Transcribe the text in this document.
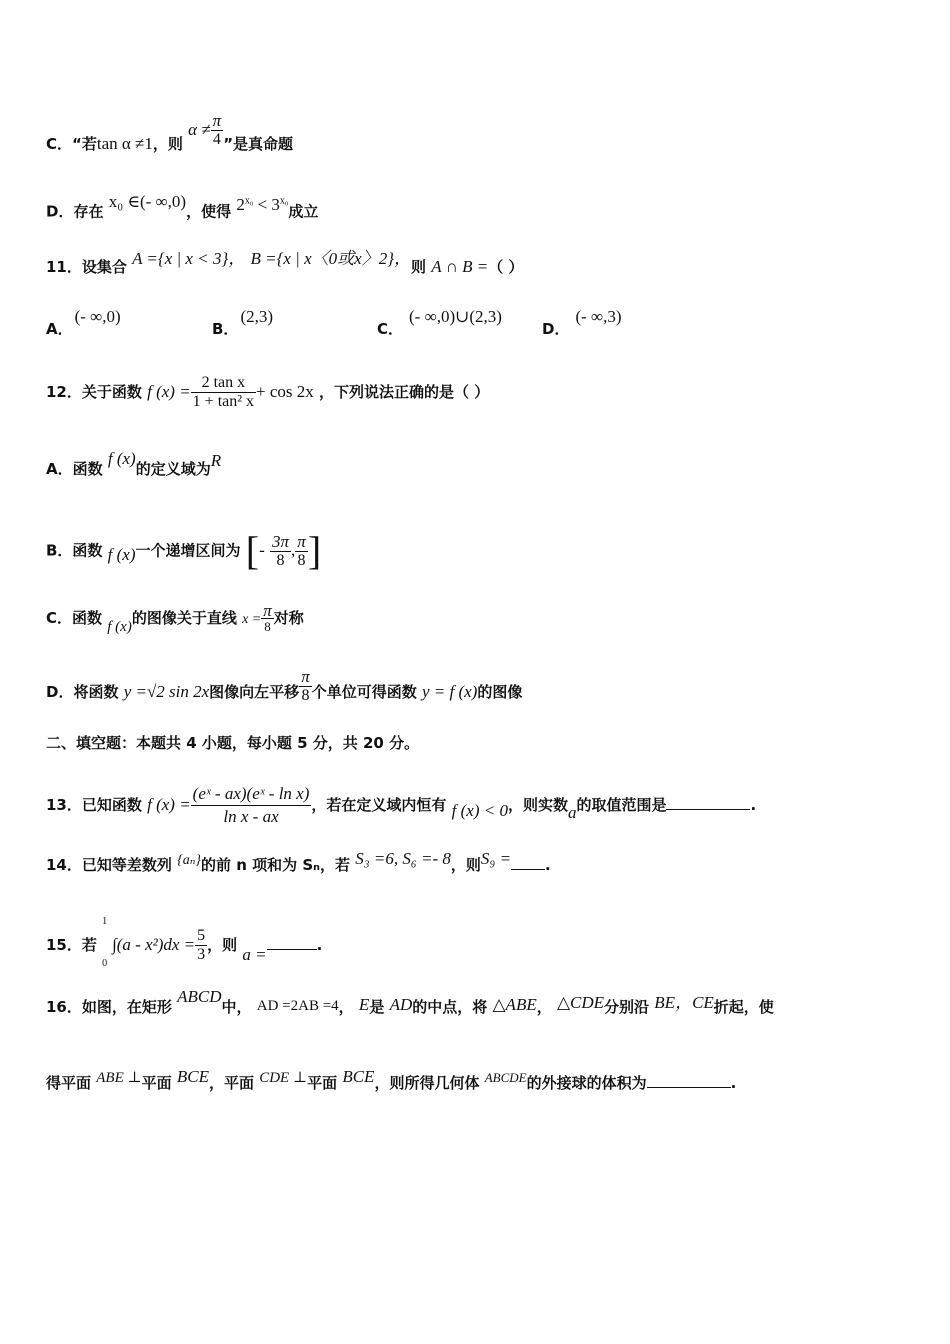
C．“若tan α ≠1，则 $\alpha \ne \frac{\pi}{4}$ ”是真命题
D．存在 x₀ ∈(- ∞,0)，使得 $2^{x_0} < 3^{x_0}$成立
11．设集合 A ={x | x < 3}， B ={x | x〈0或x〉2}，则 A ∩ B =（ ）
A．(- ∞,0)
B．(2,3)
C．(- ∞,0)∪(2,3)
D．(- ∞,3)
12．关于函数 f $(x) = \frac{\text{2 tan x}}{\text{1 + tan² x}} + \cos 2x$ ，下列说法正确的是（ ）
A．函数 f (x)的定义域为R
B．函数 f (x)一个递增区间为 [- $\frac{3\pi}{8}$ , $\frac{\pi}{8}$ ]
C．函数 f (x)的图像关于直线 $x = \frac{\pi}{8}$ 对称
D．将函数 y =√2 sin 2x图像向左平移 $\frac{\pi}{8}$ 个单位可得函数 y = f (x)的图像
二、填空题：本题共 4 小题，每小题 5 分，共 20 分。
13．已知函数 f $(x) = \frac{\text{(eˣ - ax)(eˣ - ln x)}}{\text{ln x - ax}}$ ，若在定义域内恒有 f (x) < 0，则实数a的取值范围是	.
14．已知等差数列 {aₙ}的前 n 项和为 Sₙ，若 S₃ =6, S₆ =- 8，则S₉ = .
15．若
1
0
$\int(a - x^2)dx = \frac{5}{3}$ ，则 a =	.
16．如图，在矩形 ABCD中， AD =2AB =4， E是 AD的中点，将 △ABE， △CDE分别沿 BE，CE折起，使
得平面 ABE ⊥平面 BCE，平面 CDE ⊥平面 BCE，则所得几何体 ABCDE的外接球的体积为	.
